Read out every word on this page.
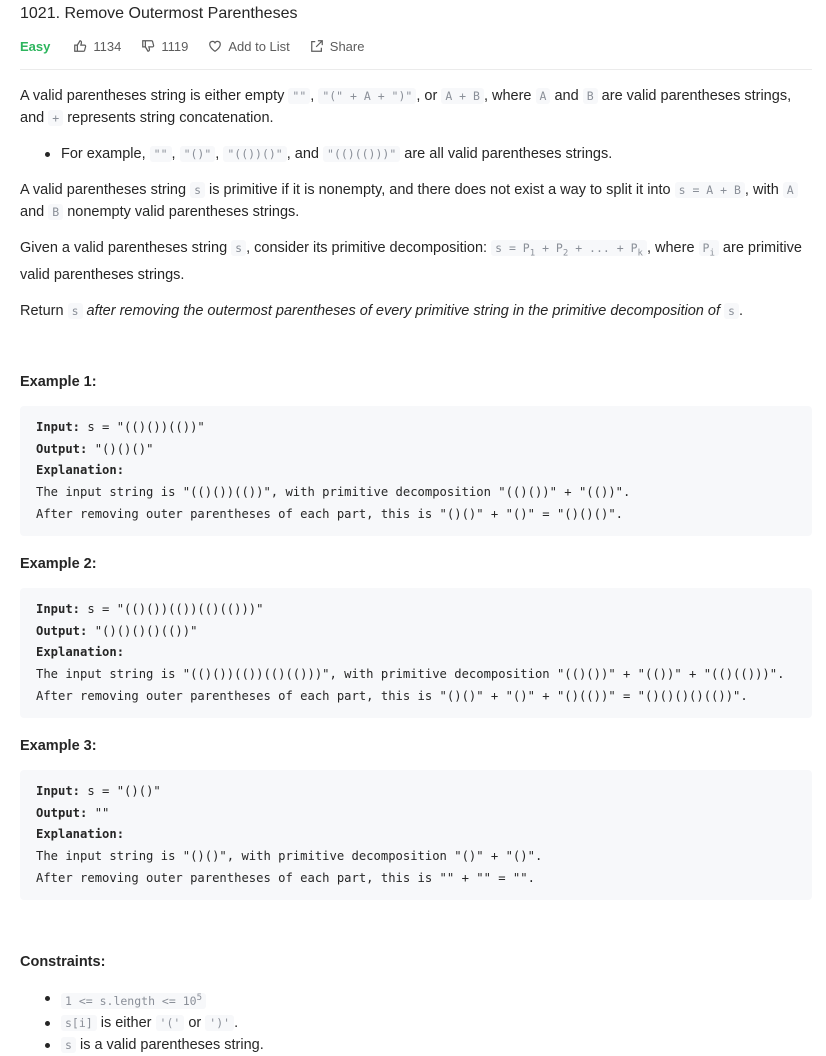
1021. Remove Outermost Parentheses
Easy	1134	1119	Add to List	Share

A valid parentheses string is either empty "" , "(" + A + ")" , or A + B , where A and B are valid parentheses strings, and + represents string concatenation.

For example, "" , "()" , "(())()" , and "(()(()))" are all valid parentheses strings.

A valid parentheses string s is primitive if it is nonempty, and there does not exist a way to split it into s = A + B , with A and B nonempty valid parentheses strings.

Given a valid parentheses string s , consider its primitive decomposition: $s = P_1 + P_2$ + ... + $P_k$ , where $P_i$ are primitive valid parentheses strings.

Return s after removing the outermost parentheses of every primitive string in the primitive decomposition of s .

Example 1:

Input: s = "(()())(())"
Output: "()()()"
Explanation:
The input string is "(()())(())", with primitive decomposition "(()())" + "(())".
After removing outer parentheses of each part, this is "()()" + "()" = "()()()".

Example 2:

Input: s = "(()())(())(()(()))"
Output: "()()()()(())"
Explanation:
The input string is "(()())(())(()(()))", with primitive decomposition "(()())" + "(())" + "(()(()))".
After removing outer parentheses of each part, this is "()()" + "()" + "()(())" = "()()()()(())".

Example 3:

Input: s = "()()"
Output: ""
Explanation:
The input string is "()()", with primitive decomposition "()" + "()".
After removing outer parentheses of each part, this is "" + "" = "".

Constraints:

1 <= s.length <= $10^5$
s[i] is either '(' or ')' .
s is a valid parentheses string.
